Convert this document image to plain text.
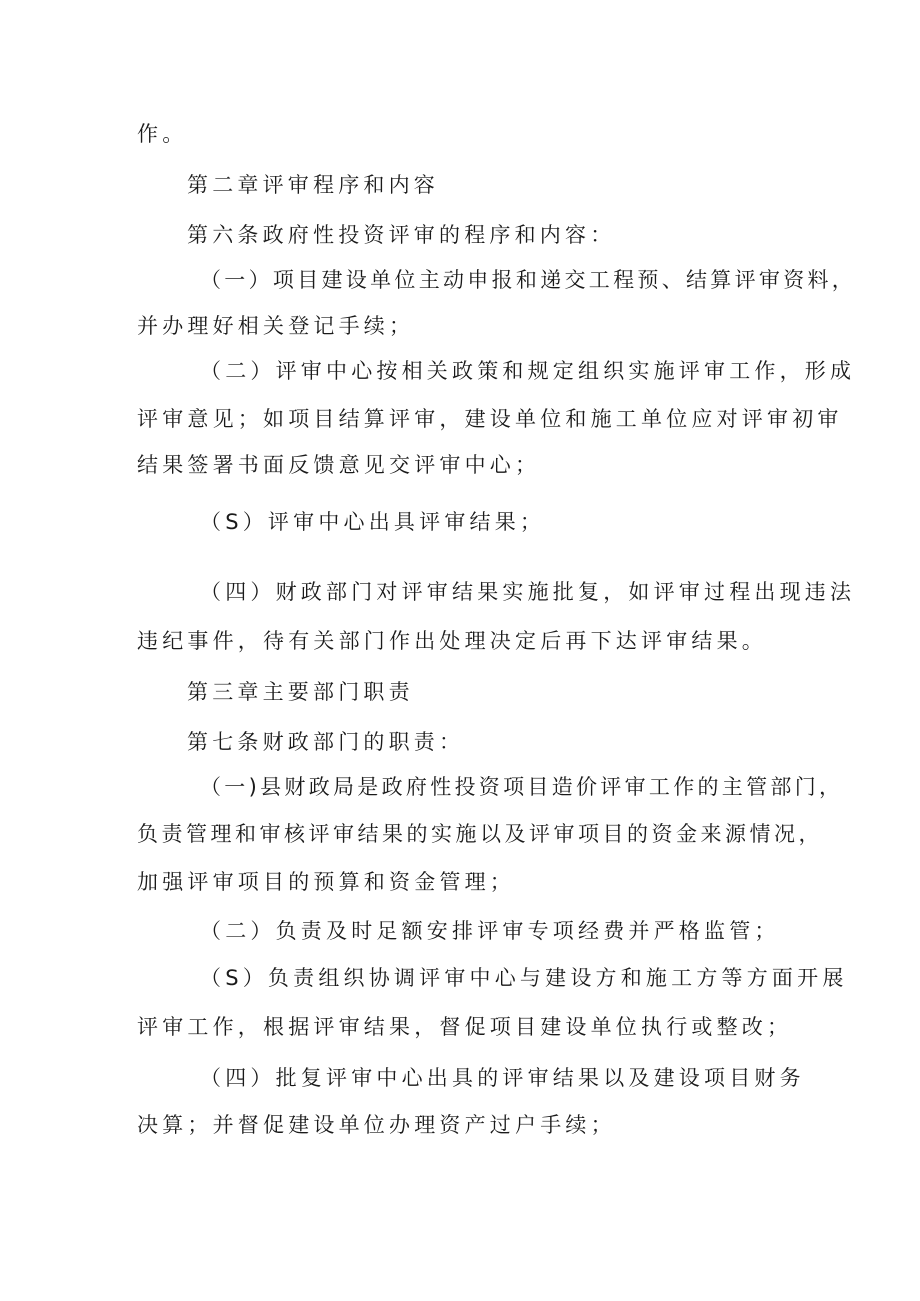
作。
第二章评审程序和内容
第六条政府性投资评审的程序和内容：
（一）项目建设单位主动申报和递交工程预、结算评审资料，
并办理好相关登记手续；
（二）评审中心按相关政策和规定组织实施评审工作，形成
评审意见；如项目结算评审，建设单位和施工单位应对评审初审
结果签署书面反馈意见交评审中心；
（S）评审中心出具评审结果；
（四）财政部门对评审结果实施批复，如评审过程出现违法
违纪事件，待有关部门作出处理决定后再下达评审结果。
第三章主要部门职责
第七条财政部门的职责：
（一)县财政局是政府性投资项目造价评审工作的主管部门，
负责管理和审核评审结果的实施以及评审项目的资金来源情况，
加强评审项目的预算和资金管理；
（二）负责及时足额安排评审专项经费并严格监管；
（S）负责组织协调评审中心与建设方和施工方等方面开展
评审工作，根据评审结果，督促项目建设单位执行或整改；
（四）批复评审中心出具的评审结果以及建设项目财务
决算；并督促建设单位办理资产过户手续；
